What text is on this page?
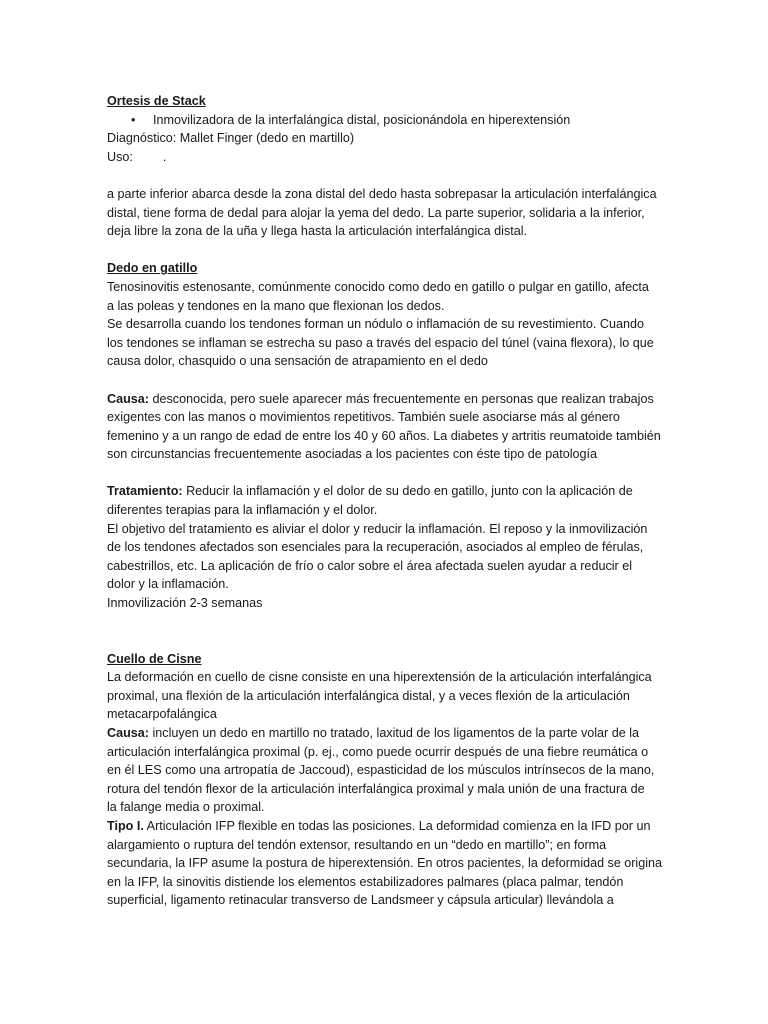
Ortesis de Stack
• Inmovilizadora de la interfalángica distal, posicionándola en hiperextensión
Diagnóstico: Mallet Finger (dedo en martillo)
Uso: .
a parte inferior abarca desde la zona distal del dedo hasta sobrepasar la articulación interfalángica
distal, tiene forma de dedal para alojar la yema del dedo. La parte superior, solidaria a la inferior,
deja libre la zona de la uña y llega hasta la articulación interfalángica distal.
Dedo en gatillo
Tenosinovitis estenosante, comúnmente conocido como dedo en gatillo o pulgar en gatillo, afecta
a las poleas y tendones en la mano que flexionan los dedos.
Se desarrolla cuando los tendones forman un nódulo o inflamación de su revestimiento. Cuando
los tendones se inflaman se estrecha su paso a través del espacio del túnel (vaina flexora), lo que
causa dolor, chasquido o una sensación de atrapamiento en el dedo
Causa: desconocida, pero suele aparecer más frecuentemente en personas que realizan trabajos
exigentes con las manos o movimientos repetitivos. También suele asociarse más al género
femenino y a un rango de edad de entre los 40 y 60 años. La diabetes y artritis reumatoide también
son circunstancias frecuentemente asociadas a los pacientes con éste tipo de patología
Tratamiento: Reducir la inflamación y el dolor de su dedo en gatillo, junto con la aplicación de
diferentes terapias para la inflamación y el dolor.
El objetivo del tratamiento es aliviar el dolor y reducir la inflamación. El reposo y la inmovilización
de los tendones afectados son esenciales para la recuperación, asociados al empleo de férulas,
cabestrillos, etc. La aplicación de frío o calor sobre el área afectada suelen ayudar a reducir el
dolor y la inflamación.
Inmovilización 2-3 semanas
Cuello de Cisne
La deformación en cuello de cisne consiste en una hiperextensión de la articulación interfalángica
proximal, una flexión de la articulación interfalángica distal, y a veces flexión de la articulación
metacarpofalángica
Causa: incluyen un dedo en martillo no tratado, laxitud de los ligamentos de la parte volar de la
articulación interfalángica proximal (p. ej., como puede ocurrir después de una fiebre reumática o
en él LES como una artropatía de Jaccoud), espasticidad de los músculos intrínsecos de la mano,
rotura del tendón flexor de la articulación interfalángica proximal y mala unión de una fractura de
la falange media o proximal.
Tipo I. Articulación IFP flexible en todas las posiciones. La deformidad comienza en la IFD por un
alargamiento o ruptura del tendón extensor, resultando en un “dedo en martillo”; en forma
secundaria, la IFP asume la postura de hiperextensión. En otros pacientes, la deformidad se origina
en la IFP, la sinovitis distiende los elementos estabilizadores palmares (placa palmar, tendón
superficial, ligamento retinacular transverso de Landsmeer y cápsula articular) llevándola a
